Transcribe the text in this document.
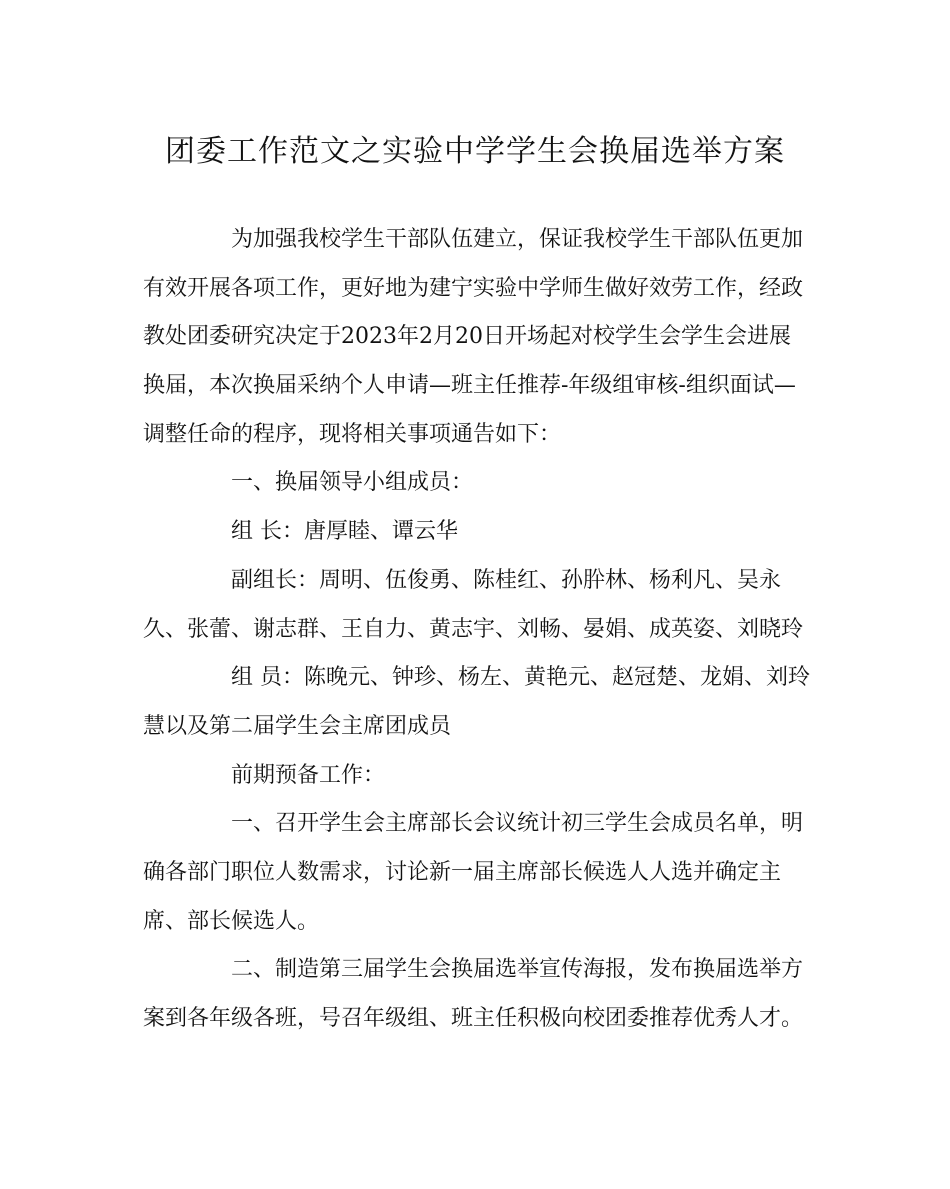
团委工作范文之实验中学学生会换届选举方案
为加强我校学生干部队伍建立，保证我校学生干部队伍更加
有效开展各项工作，更好地为建宁实验中学师生做好效劳工作，经政
教处团委研究决定于2023年2月20日开场起对校学生会学生会进展
换届，本次换届采纳个人申请—班主任推荐-年级组审核-组织面试—
调整任命的程序，现将相关事项通告如下：
一、换届领导小组成员：
组 长：唐厚睦、谭云华
副组长：周明、伍俊勇、陈桂红、孙肸林、杨利凡、吴永
久、张蕾、谢志群、王自力、黄志宇、刘畅、晏娟、成英姿、刘晓玲
组 员：陈晚元、钟珍、杨左、黄艳元、赵冠楚、龙娟、刘玲
慧以及第二届学生会主席团成员
前期预备工作：
一、召开学生会主席部长会议统计初三学生会成员名单，明
确各部门职位人数需求，讨论新一届主席部长候选人人选并确定主
席、部长候选人。
二、制造第三届学生会换届选举宣传海报，发布换届选举方
案到各年级各班，号召年级组、班主任积极向校团委推荐优秀人才。
